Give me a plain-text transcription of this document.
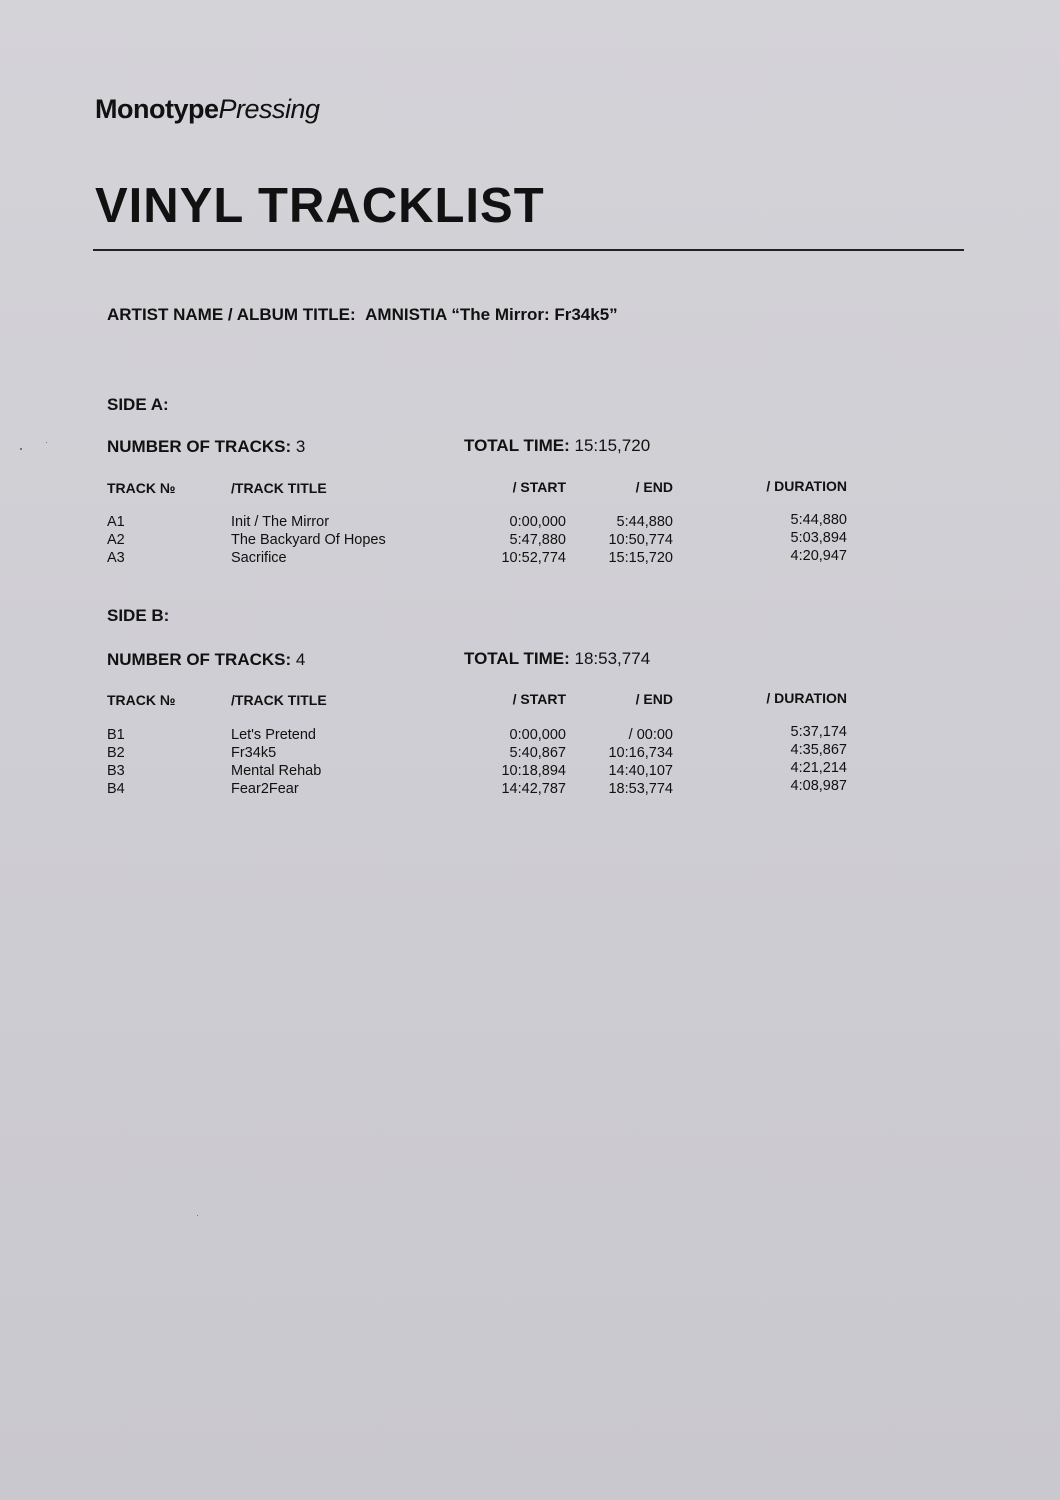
MonotypePressing
VINYL TRACKLIST
ARTIST NAME / ALBUM TITLE: AMNISTIA “The Mirror: Fr34k5”
SIDE A:
NUMBER OF TRACKS: 3	TOTAL TIME: 15:15,720
TRACK №	/TRACK TITLE	/ START	/ END	/ DURATION
A1	Init / The Mirror	0:00,000	5:44,880	5:44,880
A2	The Backyard Of Hopes	5:47,880	10:50,774	5:03,894
A3	Sacrifice	10:52,774	15:15,720	4:20,947
SIDE B:
NUMBER OF TRACKS: 4	TOTAL TIME: 18:53,774
TRACK №	/TRACK TITLE	/ START	/ END	/ DURATION
B1	Let's Pretend	0:00,000	/ 00:00	5:37,174
B2	Fr34k5	5:40,867	10:16,734	4:35,867
B3	Mental Rehab	10:18,894	14:40,107	4:21,214
B4	Fear2Fear	14:42,787	18:53,774	4:08,987
